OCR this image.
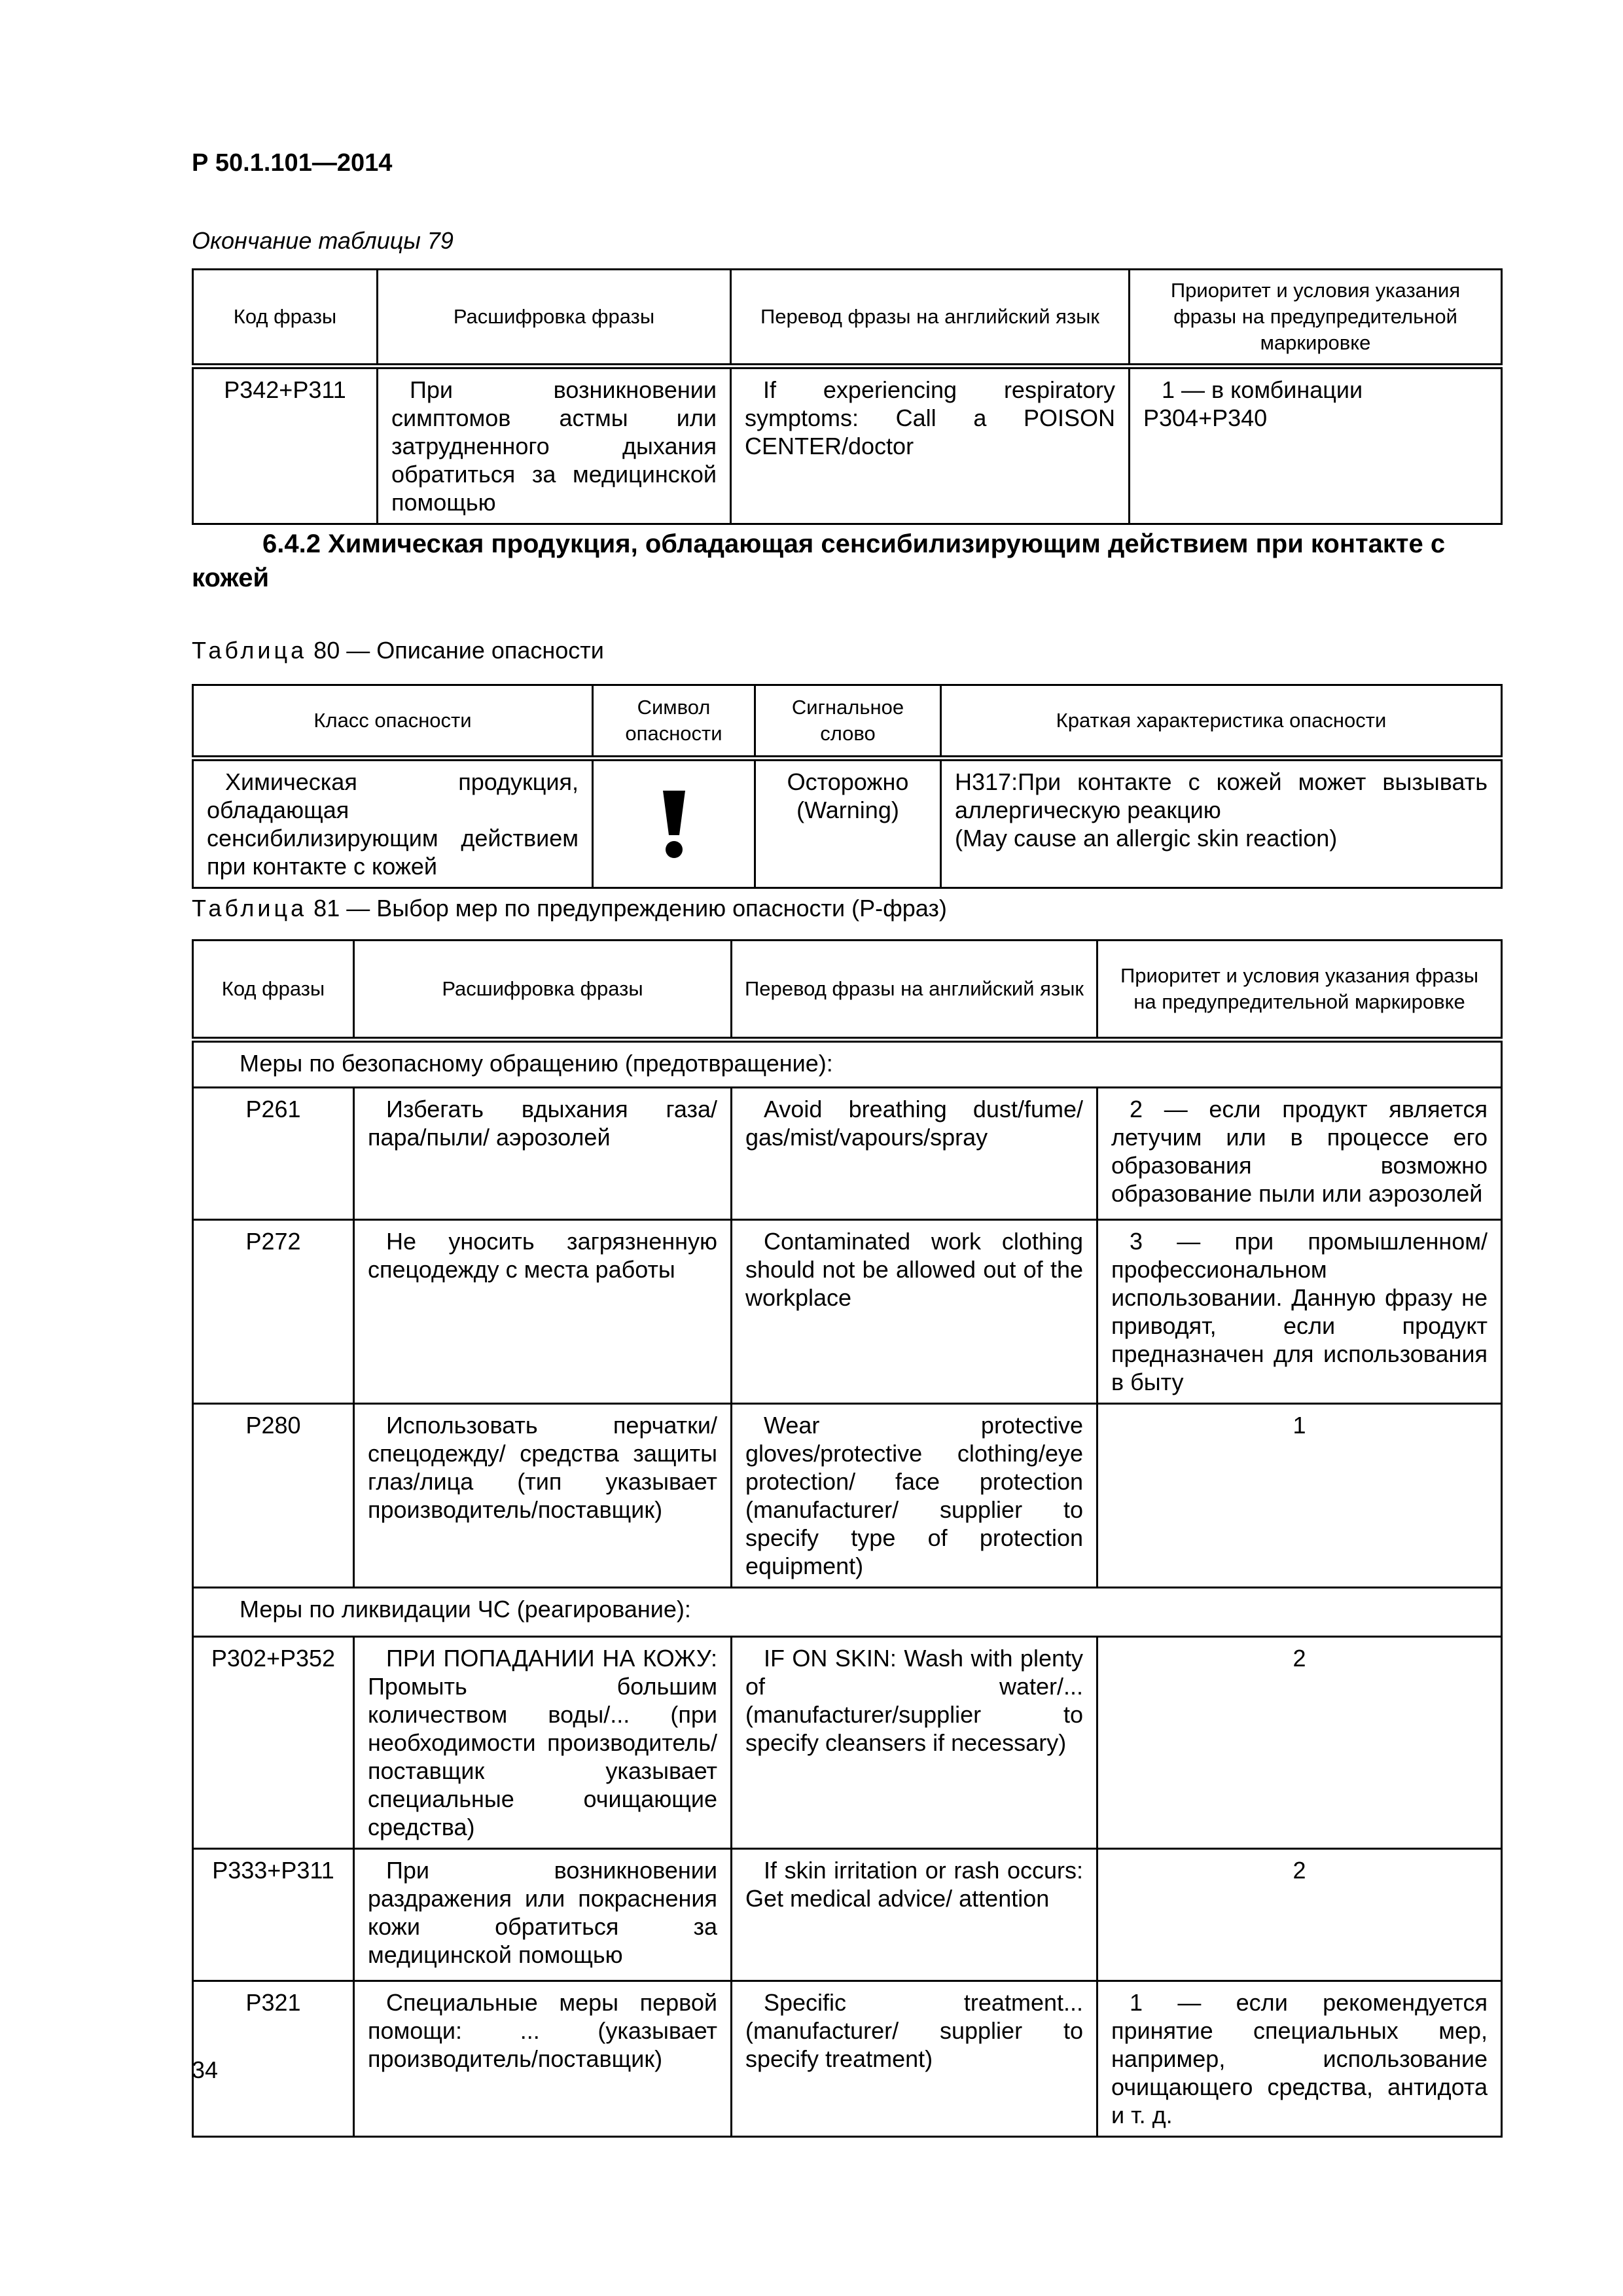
Р 50.1.101—2014
Окончание таблицы 79
Код фразы	Расшифровка фразы	Перевод фразы на английский язык	Приоритет и условия указания фразы на предупредительной маркировке
P342+P311	При возникновении симптомов астмы или затрудненного дыхания обратиться за медицинской помощью	If experiencing respiratory symptoms: Call a POISON CENTER/doctor	1 — в комбинации P304+P340
6.4.2 Химическая продукция, обладающая сенсибилизирующим действием при контакте с кожей
Таблица 80 — Описание опасности
Класс опасности	Символ опасности	Сигнальное слово	Краткая характеристика опасности
Химическая продукция, обладающая сенсибилизирующим действием при контакте с кожей		Осторожно (Warning)	H317:При контакте с кожей может вызывать аллергическую реакцию
(May cause an allergic skin reaction)
Таблица 81 — Выбор мер по предупреждению опасности (Р-фраз)
Код фразы	Расшифровка фразы	Перевод фразы на английский язык	Приоритет и условия указания фразы на предупредительной маркировке
Меры по безопасному обращению (предотвращение):			
P261	Избегать вдыхания газа/ пара/пыли/ аэрозолей	Avoid breathing dust/fume/ gas/mist/vapours/spray	2 — если продукт является летучим или в процессе его образования возможно образование пыли или аэрозолей
P272	Не уносить загрязненную спецодежду с места работы	Contaminated work clothing should not be allowed out of the workplace	3 — при промышленном/ профессиональном использовании. Данную фразу не приводят, если продукт предназначен для использования в быту
P280	Использовать перчатки/ спецодежду/ средства защиты глаз/лица (тип указывает производитель/поставщик)	Wear protective gloves/protective clothing/eye protection/ face protection (manufacturer/ supplier to specify type of protection equipment)	1
Меры по ликвидации ЧС (реагирование):			
P302+P352	ПРИ ПОПАДАНИИ НА КОЖУ: Промыть большим количеством воды/... (при необходимости производитель/ поставщик указывает специальные очищающие средства)	IF ON SKIN: Wash with plenty of water/... (manufacturer/supplier to specify cleansers if necessary)	2
P333+P311	При возникновении раздражения или покраснения кожи обратиться за медицинской помощью	If skin irritation or rash occurs: Get medical advice/ attention	2
P321	Специальные меры первой помощи: ... (указывает производитель/поставщик)	Specific treatment... (manufacturer/ supplier to specify treatment)	1 — если рекомендуется принятие специальных мер, например, использование очищающего средства, антидота и т. д.
34
